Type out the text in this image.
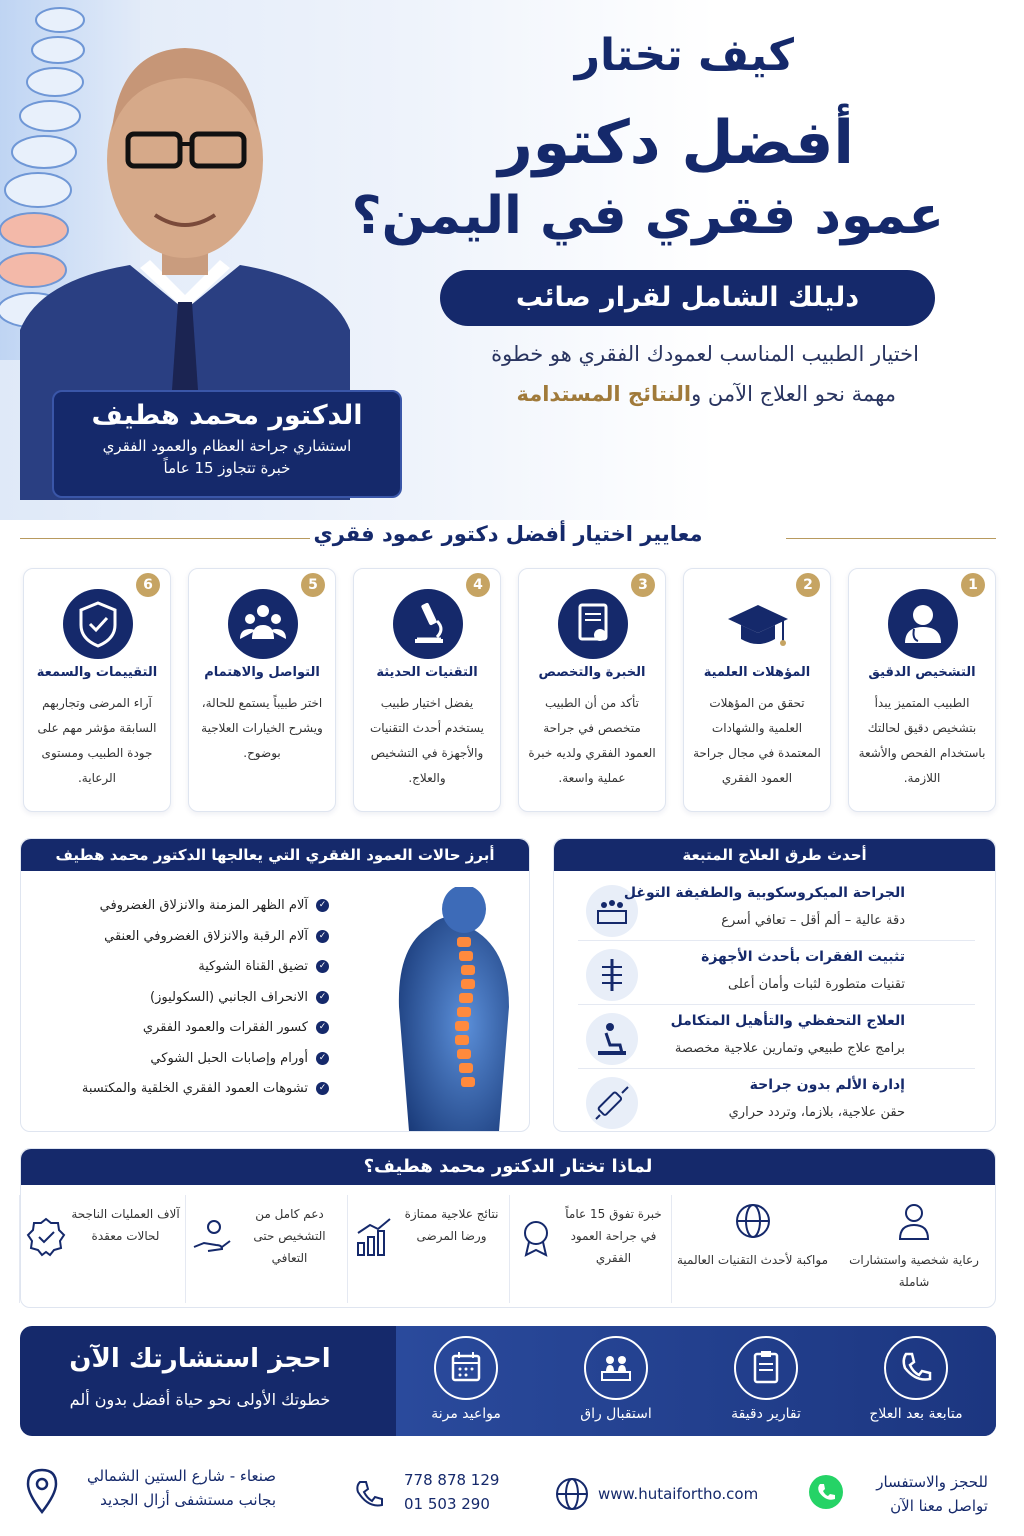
الدكتور محمد هطيف
استشاري جراحة العظام والعمود الفقري
خبرة تتجاوز 15 عاماً
كيف تختار
أفضل دكتور
عمود فقري في اليمن؟
دليلك الشامل لقرار صائب
اختيار الطبيب المناسب لعمودك الفقري هو خطوة
مهمة نحو العلاج الآمن والنتائج المستدامة
معايير اختيار أفضل دكتور عمود فقري
1
التشخيص الدقيق
الطبيب المتميز يبدأ بتشخيص دقيق لحالتك باستخدام الفحص والأشعة اللازمة.
2
المؤهلات العلمية
تحقق من المؤهلات العلمية والشهادات المعتمدة في مجال جراحة العمود الفقري
3
الخبرة والتخصص
تأكد من أن الطبيب متخصص في جراحة العمود الفقري ولديه خبرة عملية واسعة.
4
التقنيات الحديثة
يفضل اختيار طبيب يستخدم أحدث التقنيات والأجهزة في التشخيص والعلاج.
5
التواصل والاهتمام
اختر طبيباً يستمع للحالة، ويشرح الخيارات العلاجية بوضوح.
6
التقييمات والسمعة
آراء المرضى وتجاربهم السابقة مؤشر مهم على جودة الطبيب ومستوى الرعاية.
أبرز حالات العمود الفقري التي يعالجها الدكتور محمد هطيف
✓آلام الظهر المزمنة والانزلاق الغضروفي
✓آلام الرقبة والانزلاق الغضروفي العنقي
✓تضيق القناة الشوكية
✓الانحراف الجانبي (السكوليوز)
✓كسور الفقرات والعمود الفقري
✓أورام وإصابات الحبل الشوكي
✓تشوهات العمود الفقري الخلقية والمكتسبة
أحدث طرق العلاج المتبعة
الجراحة الميكروسكوبية والطفيفة التوغل
دقة عالية – ألم أقل – تعافي أسرع
تثبيت الفقرات بأحدث الأجهزة
تقنيات متطورة لثبات وأمان أعلى
العلاج التحفظي والتأهيل المتكامل
برامج علاج طبيعي وتمارين علاجية مخصصة
إدارة الألم بدون جراحة
حقن علاجية، بلازما، وتردد حراري
لماذا تختار الدكتور محمد هطيف؟
رعاية شخصية واستشارات شاملة
مواكبة لأحدث التقنيات العالمية
خبرة تفوق 15 عاماً في جراحة العمود الفقري
نتائج علاجية ممتازة ورضا المرضى
دعم كامل من التشخيص حتى التعافي
آلاف العمليات الناجحة لحالات معقدة
متابعة بعد العلاج
تقارير دقيقة
استقبال راق
مواعيد مرنة
احجز استشارتك الآن
خطوتك الأولى نحو حياة أفضل بدون ألم
للحجز والاستفسار
تواصل معنا الآن
www.hutaifortho.com
778 878 129
01 503 290
صنعاء - شارع الستين الشمالي
بجانب مستشفى أزال الجديد
